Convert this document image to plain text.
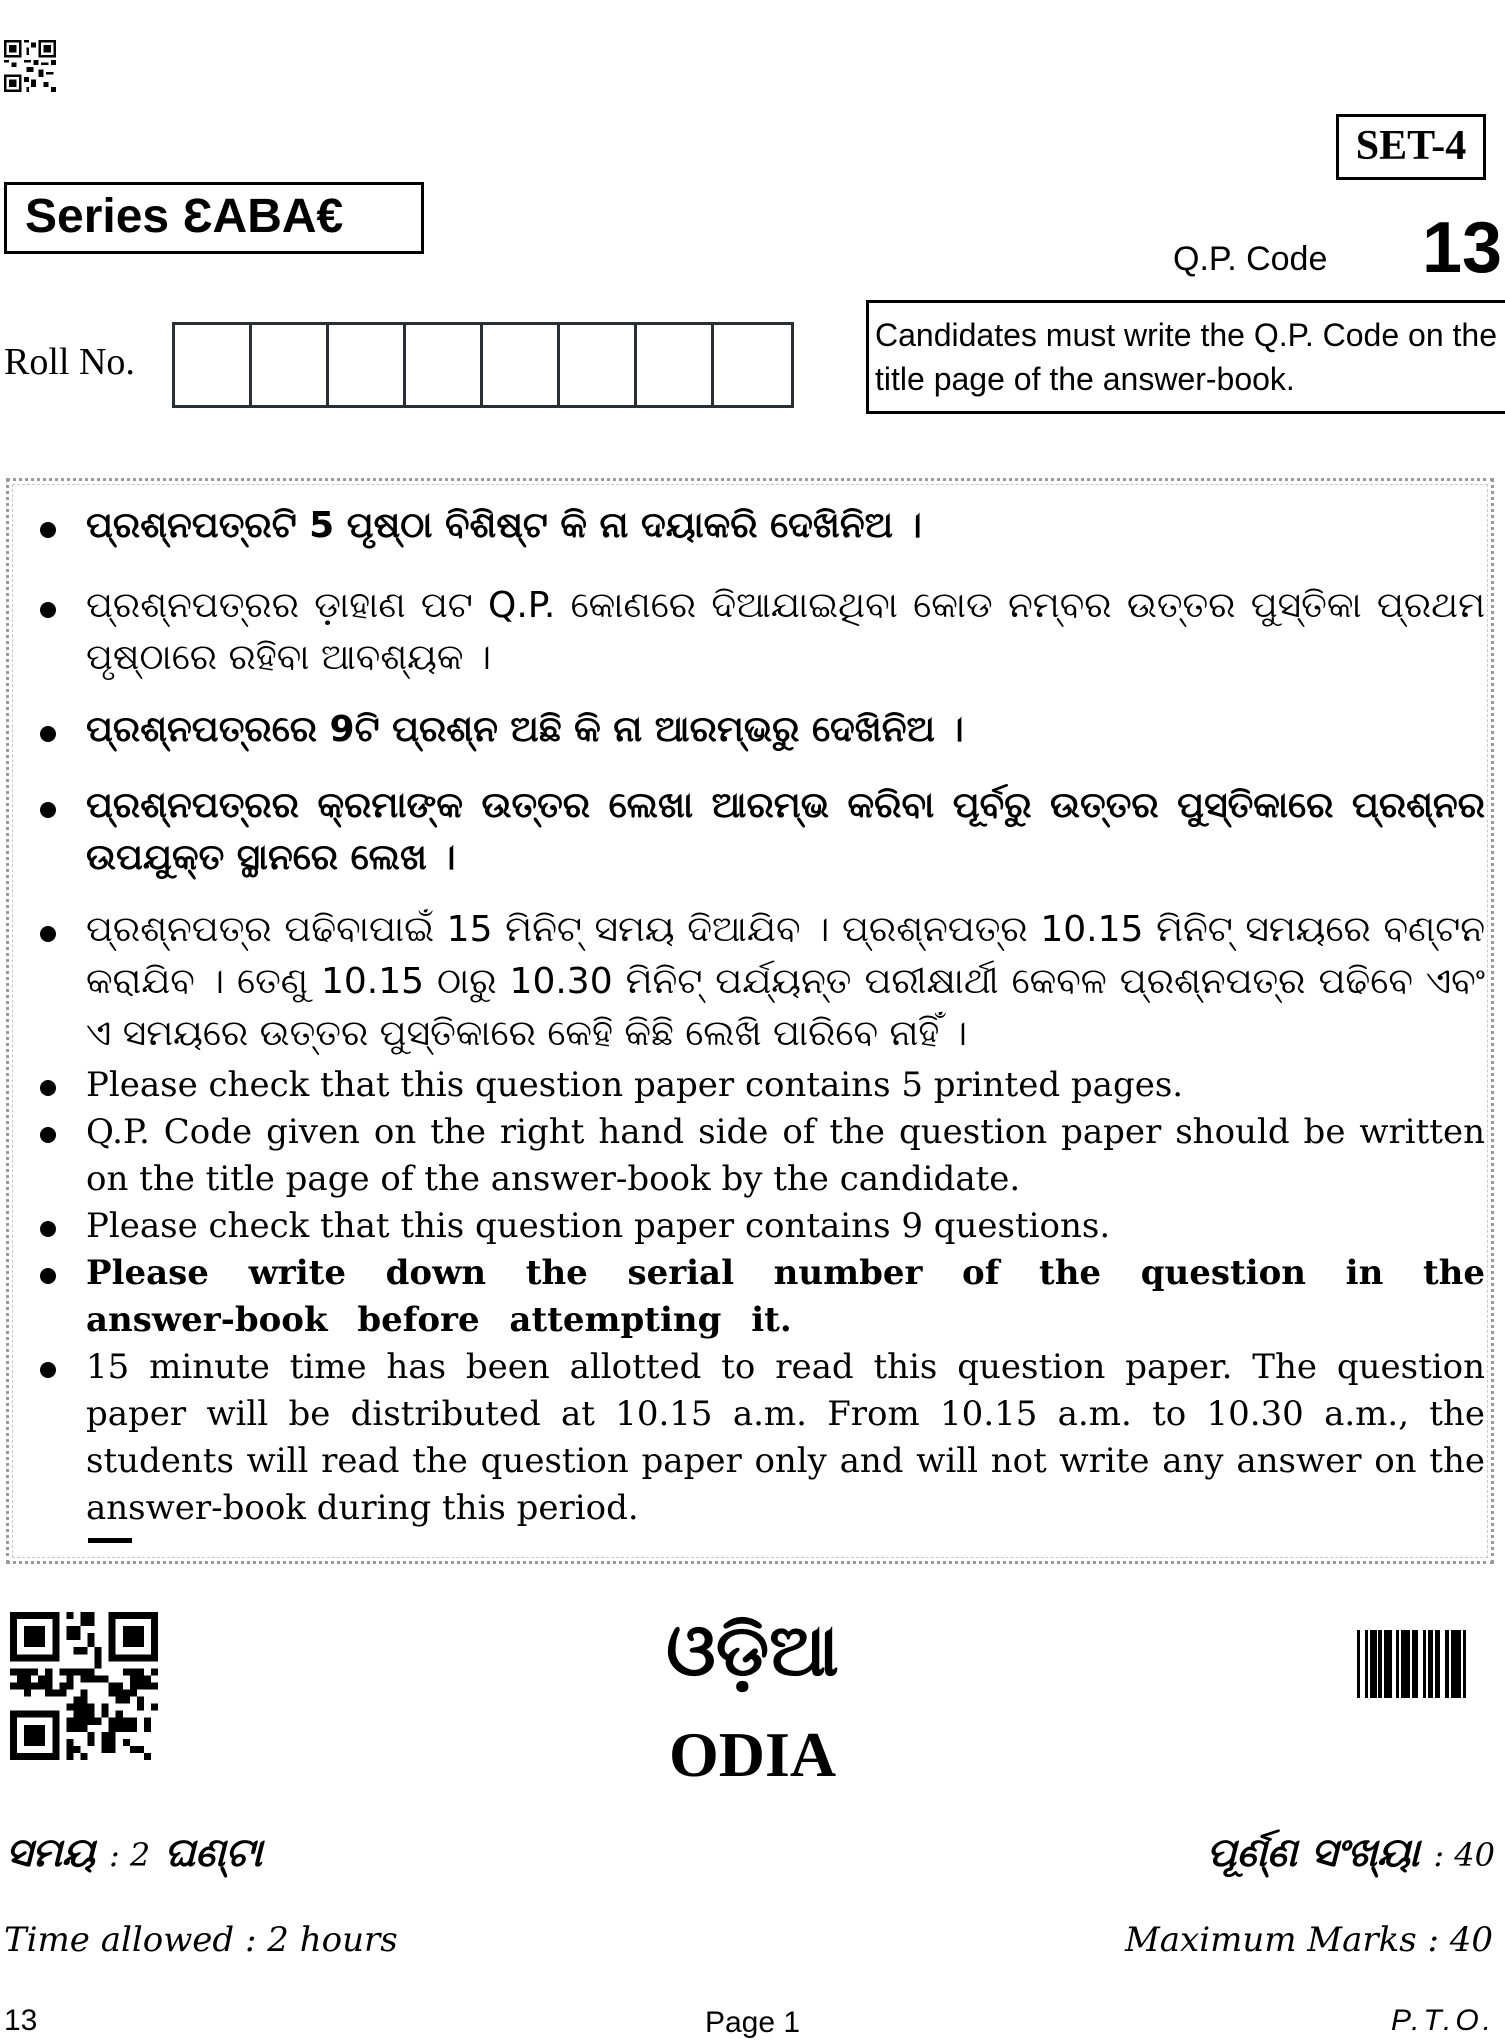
SET-4
Series ƐABA€
Q.P. Code 13
Roll No.
Candidates must write the Q.P. Code on the title page of the answer-book.
ପ୍ରଶ୍ନପତ୍ରଟି 5 ପୃଷ୍ଠା ବିଶିଷ୍ଟ କି ନା ଦୟାକରି ଦେଖିନିଅ ।
ପ୍ରଶ୍ନପତ୍ରର ଡ଼ାହାଣ ପଟ Q.P. କୋଣରେ ଦିଆଯାଇଥିବା କୋଡ ନମ୍ବର ଉତ୍ତର ପୁସ୍ତିକା ପ୍ରଥମ ପୃଷ୍ଠାରେ ରହିବା ଆବଶ୍ୟକ ।
ପ୍ରଶ୍ନପତ୍ରରେ 9ଟି ପ୍ରଶ୍ନ ଅଛି କି ନା ଆରମ୍ଭରୁ ଦେଖିନିଅ ।
ପ୍ରଶ୍ନପତ୍ରର କ୍ରମାଙ୍କ ଉତ୍ତର ଲେଖା ଆରମ୍ଭ କରିବା ପୂର୍ବରୁ ଉତ୍ତର ପୁସ୍ତିକାରେ ପ୍ରଶ୍ନର ଉପଯୁକ୍ତ ସ୍ଥାନରେ ଲେଖ ।
ପ୍ରଶ୍ନପତ୍ର ପଢିବାପାଇଁ 15 ମିନିଟ୍ ସମୟ ଦିଆଯିବ । ପ୍ରଶ୍ନପତ୍ର 10.15 ମିନିଟ୍ ସମୟରେ ବଣ୍ଟନ କରାଯିବ । ତେଣୁ 10.15 ଠାରୁ 10.30 ମିନିଟ୍ ପର୍ଯ୍ୟନ୍ତ ପରୀକ୍ଷାର୍ଥୀ କେବଳ ପ୍ରଶ୍ନପତ୍ର ପଢିବେ ଏବଂ ଏ ସମୟରେ ଉତ୍ତର ପୁସ୍ତିକାରେ କେହି କିଛି ଲେଖି ପାରିବେ ନାହିଁ ।
Please check that this question paper contains 5 printed pages.
Q.P. Code given on the right hand side of the question paper should be written on the title page of the answer-book by the candidate.
Please check that this question paper contains 9 questions.
Please write down the serial number of the question in the answer-book before attempting it.
15 minute time has been allotted to read this question paper. The question paper will be distributed at 10.15 a.m. From 10.15 a.m. to 10.30 a.m., the students will read the question paper only and will not write any answer on the answer-book during this period.
ଓଡ଼ିଆ
ODIA
ସମୟ : 2 ଘଣ୍ଟା	ପୂର୍ଣ୍ଣ ସଂଖ୍ୟା : 40
Time allowed : 2 hours	Maximum Marks : 40
13	Page 1	P.T.O.
